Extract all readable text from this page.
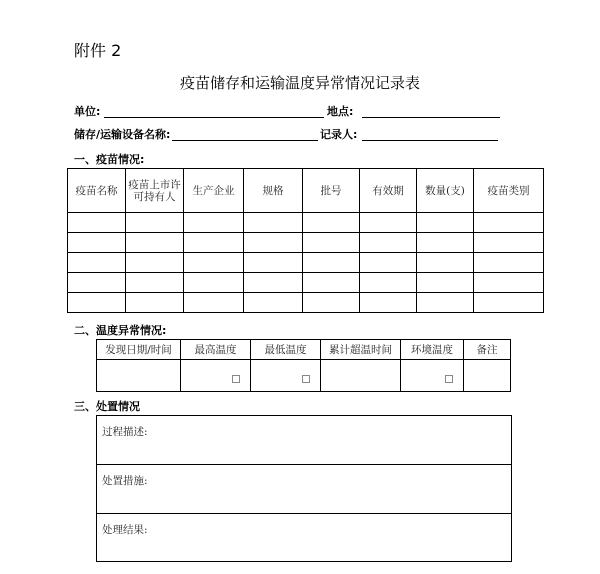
附件 2
疫苗储存和运输温度异常情况记录表
单位:	地点:
储存/运输设备名称:	记录人:
一、疫苗情况:
疫苗名称	疫苗上市许可持有人	生产企业	规格	批号	有效期	数量(支)	疫苗类别

二、温度异常情况:
发现日期/时间	最高温度	最低温度	累计超温时间	环境温度	备注

三、处置情况
过程描述:
处置措施:
处理结果:
